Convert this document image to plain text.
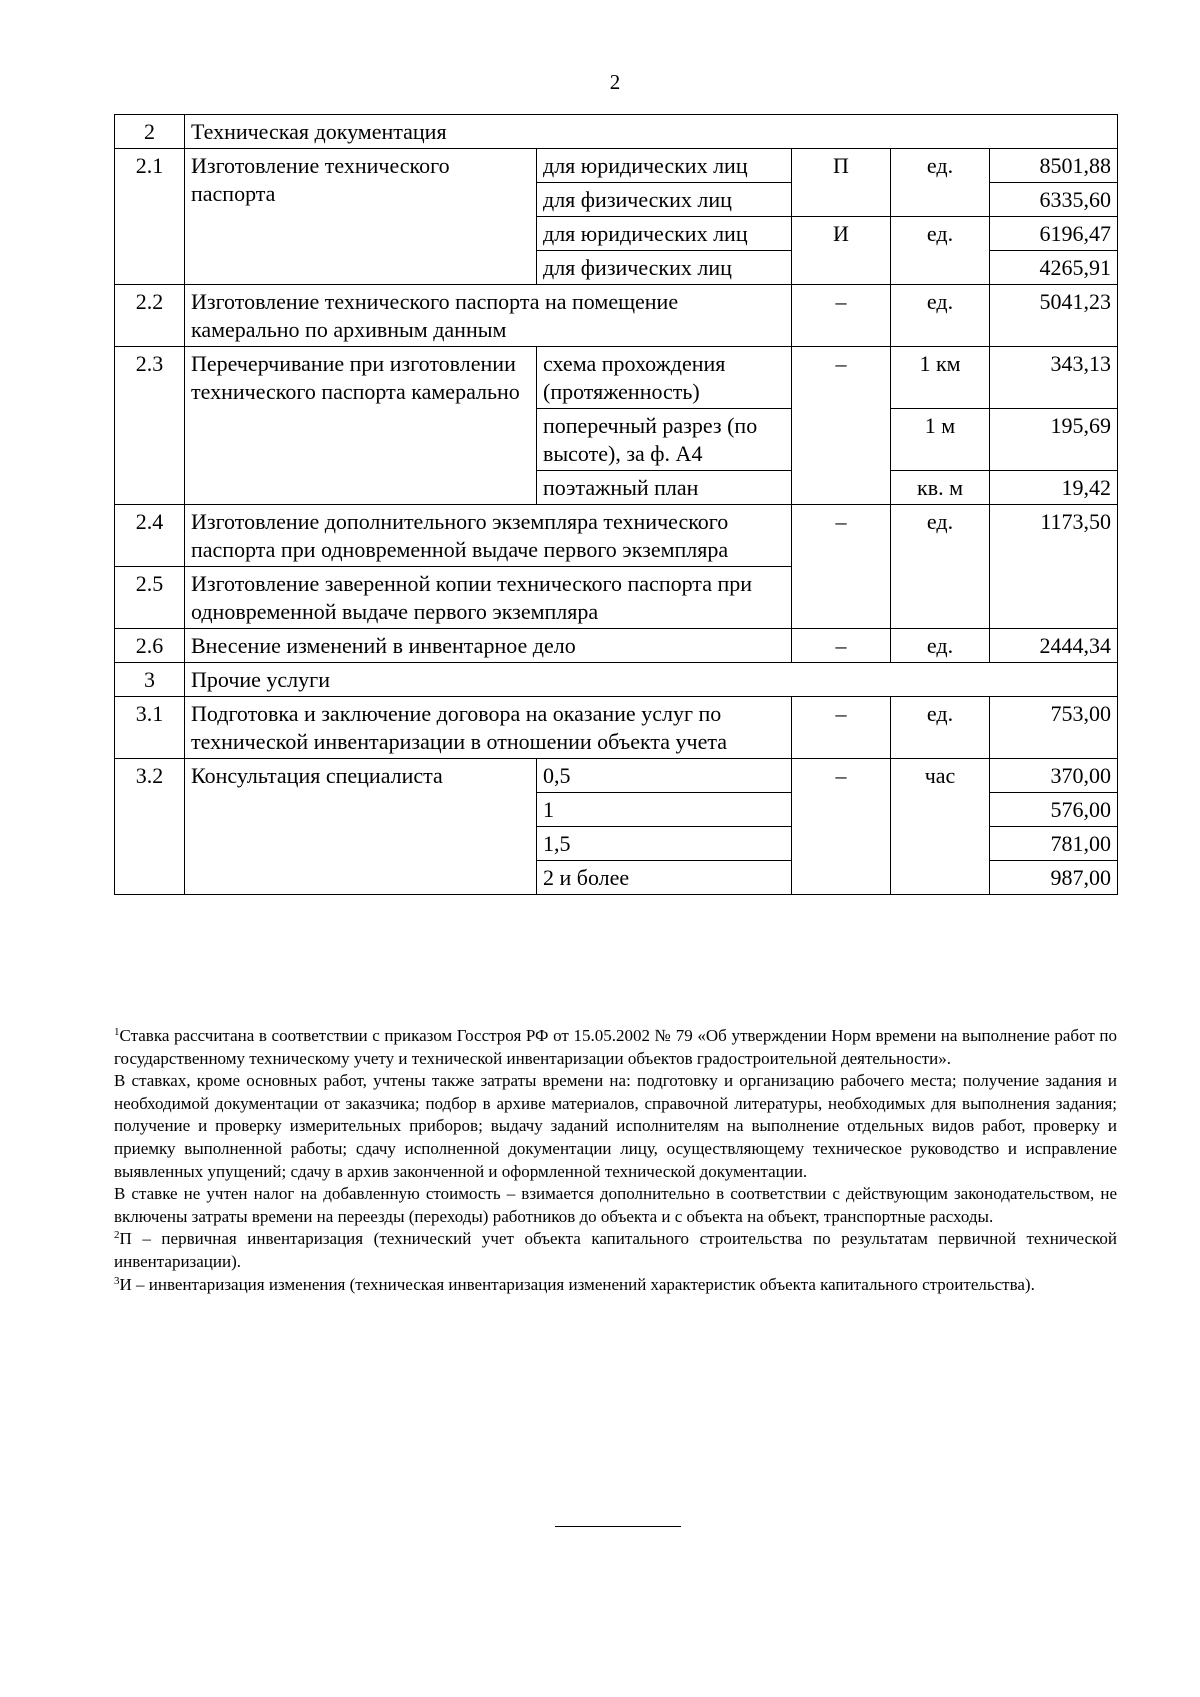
2
2	Техническая документация				
2.1	Изготовление технического паспорта	для юридических лиц	П	ед.	8501,88
		для физических лиц			6335,60
		для юридических лиц	И	ед.	6196,47
		для физических лиц			4265,91
2.2	Изготовление технического паспорта на помещение камерально по архивным данным		–	ед.	5041,23
2.3	Перечерчивание при изготовлении технического паспорта камерально	схема прохождения (протяженность)	–	1 км	343,13
		поперечный разрез (по высоте), за ф. А4		1 м	195,69
		поэтажный план		кв. м	19,42
2.4	Изготовление дополнительного экземпляра технического паспорта при одновременной выдаче первого экземпляра		–	ед.	1173,50
2.5	Изготовление заверенной копии технического паспорта при одновременной выдаче первого экземпляра				
2.6	Внесение изменений в инвентарное дело		–	ед.	2444,34
3	Прочие услуги				
3.1	Подготовка и заключение договора на оказание услуг по технической инвентаризации в отношении объекта учета		–	ед.	753,00
3.2	Консультация специалиста	0,5	–	час	370,00
		1			576,00
		1,5			781,00
		2 и более			987,00

$^1$Ставка рассчитана в соответствии с приказом Госстроя РФ от 15.05.2002 № 79 «Об утверждении Норм времени на выполнение работ по государственному техническому учету и технической инвентаризации объектов градостроительной деятельности».

В ставках, кроме основных работ, учтены также затраты времени на: подготовку и организацию рабочего места; получение задания и необходимой документации от заказчика; подбор в архиве материалов, справочной литературы, необходимых для выполнения задания; получение и проверку измерительных приборов; выдачу заданий исполнителям на выполнение отдельных видов работ, проверку и приемку выполненной работы; сдачу исполненной документации лицу, осуществляющему техническое руководство и исправление выявленных упущений; сдачу в архив законченной и оформленной технической документации.

В ставке не учтен налог на добавленную стоимость – взимается дополнительно в соответствии с действующим законодательством, не включены затраты времени на переезды (переходы) работников до объекта и с объекта на объект, транспортные расходы.

$^2$П – первичная инвентаризация (технический учет объекта капитального строительства по результатам первичной технической инвентаризации).

$^3$И – инвентаризация изменения (техническая инвентаризация изменений характеристик объекта капитального строительства).
